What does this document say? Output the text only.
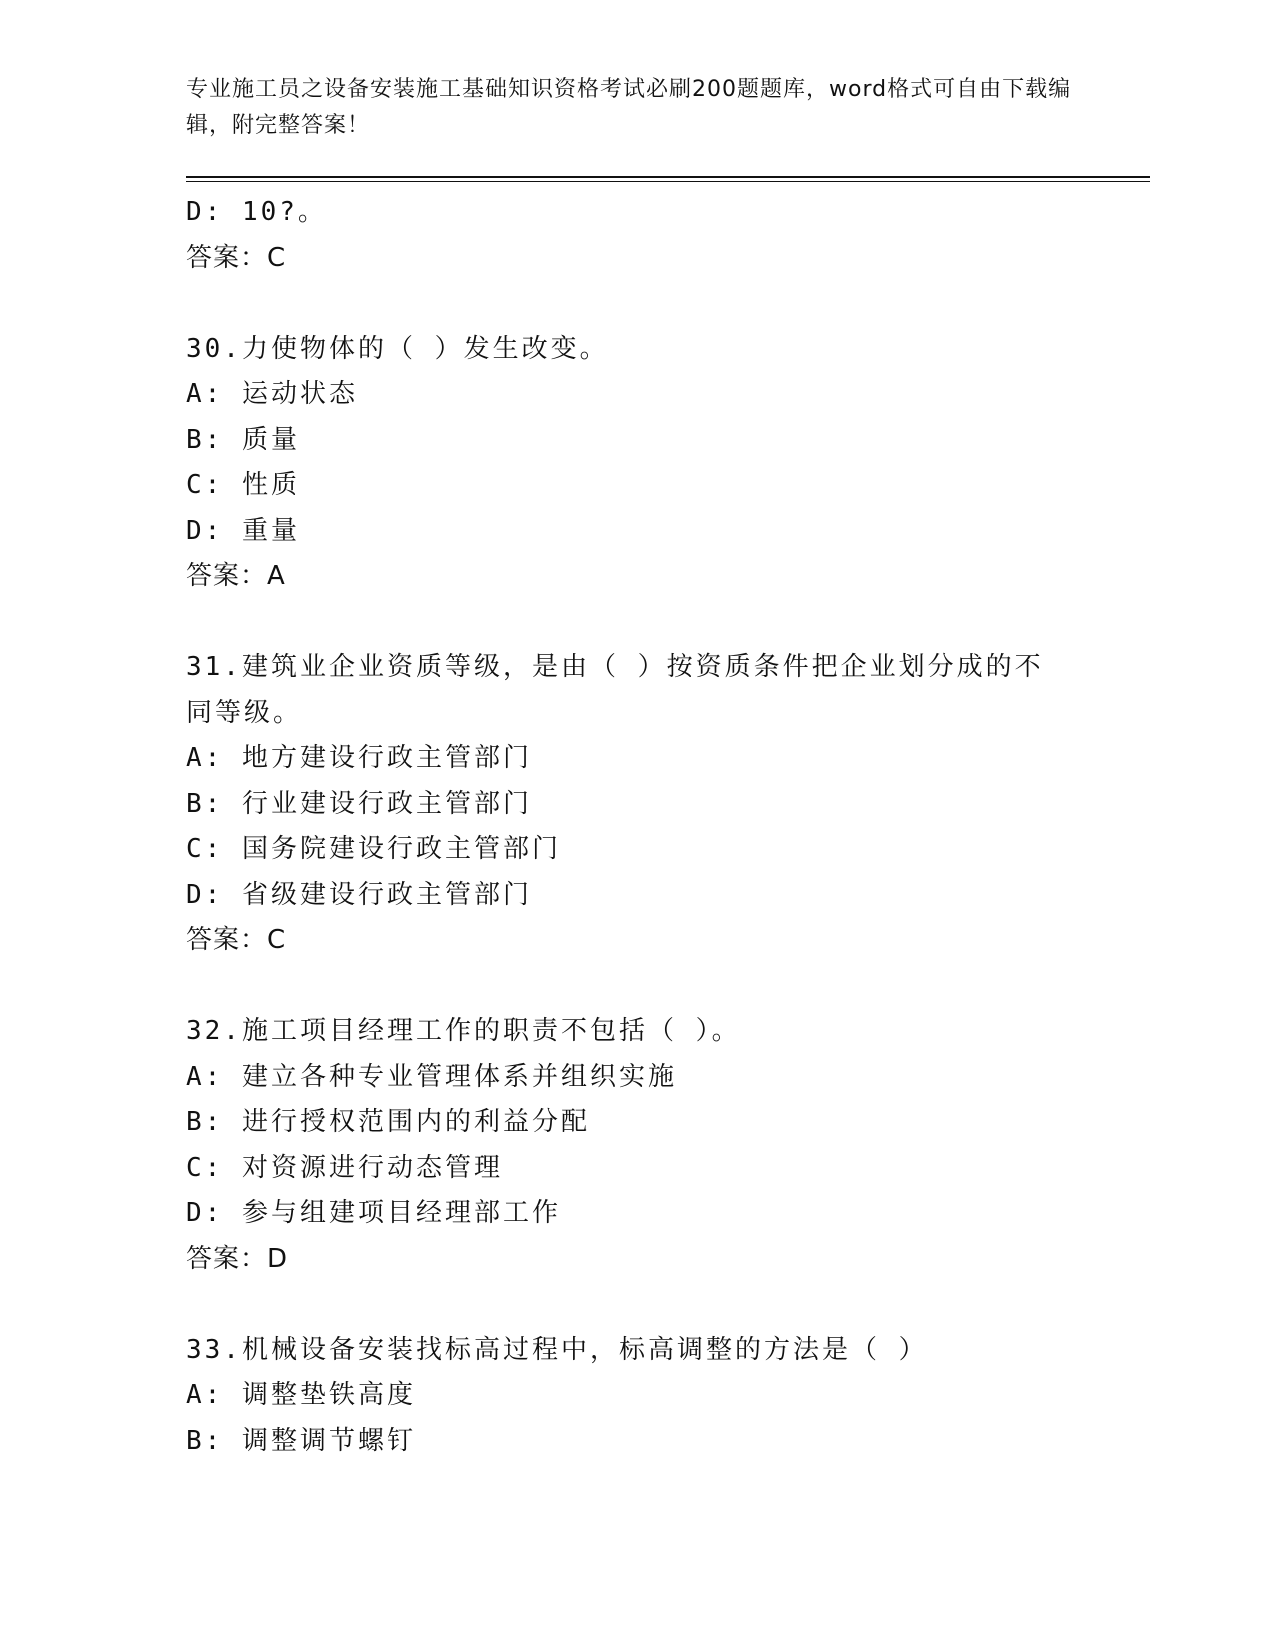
专业施工员之设备安装施工基础知识资格考试必刷200题题库，word格式可自由下载编辑，附完整答案！
D: 10?。
答案：C
30.力使物体的（ ）发生改变。
A: 运动状态
B: 质量
C: 性质
D: 重量
答案：A
31.建筑业企业资质等级，是由（ ）按资质条件把企业划分成的不同等级。
A: 地方建设行政主管部门
B: 行业建设行政主管部门
C: 国务院建设行政主管部门
D: 省级建设行政主管部门
答案：C
32.施工项目经理工作的职责不包括（ ）。
A: 建立各种专业管理体系并组织实施
B: 进行授权范围内的利益分配
C: 对资源进行动态管理
D: 参与组建项目经理部工作
答案：D
33.机械设备安装找标高过程中，标高调整的方法是（ ）
A: 调整垫铁高度
B: 调整调节螺钉
